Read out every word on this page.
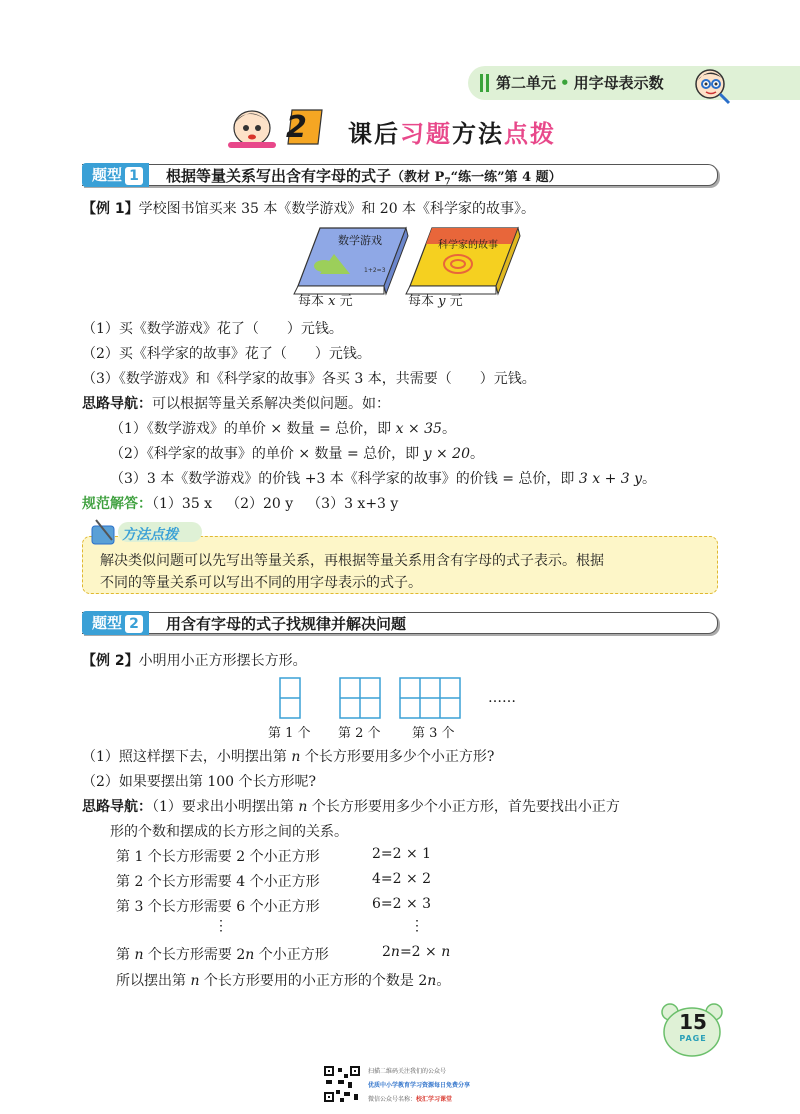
第二单元 • 用字母表示数
2 课后习题方法点拨
题型 1	根据等量关系写出含有字母的式子（教材 $P_7“$练一练”第 4 题）
【例 1】学校图书馆买来 35 本《数学游戏》和 20 本《科学家的故事》。
1+2=3
数学游戏	科学家的故事
每本 x 元	每本 y 元
（1）买《数学游戏》花了（　　）元钱。
（2）买《科学家的故事》花了（　　）元钱。
（3）《数学游戏》和《科学家的故事》各买 3 本，共需要（　　）元钱。
思路导航：可以根据等量关系解决类似问题。如：
（1）《数学游戏》的单价 × 数量 = 总价，即 x × 35。
（2）《科学家的故事》的单价 × 数量 = 总价，即 y × 20。
（3）3 本《数学游戏》的价钱 +3 本《科学家的故事》的价钱 = 总价，即 3 x + 3 y。
规范解答：（1）35 x （2）20 y （3）3 x+3 y
方法点拨
解决类似问题可以先写出等量关系，再根据等量关系用含有字母的式子表示。根据
不同的等量关系可以写出不同的用字母表示的式子。
题型 2	用含有字母的式子找规律并解决问题
【例 2】小明用小正方形摆长方形。
……
第 1 个 第 2 个 第 3 个
（1）照这样摆下去，小明摆出第 n 个长方形要用多少个小正方形?
（2）如果要摆出第 100 个长方形呢?
思路导航：（1）要求出小明摆出第 n 个长方形要用多少个小正方形，首先要找出小正方
形的个数和摆成的长方形之间的关系。
第 1 个长方形需要 2 个小正方形	2=2 × 1
第 2 个长方形需要 4 个小正方形	4=2 × 2
第 3 个长方形需要 6 个小正方形	6=2 × 3
⋮	⋮
第 n 个长方形需要 2n 个小正方形	2n=2 × n
所以摆出第 n 个长方形要用的小正方形的个数是 2n。
15
PAGE
扫描二维码关注我们的公众号
优质中小学教育学习资源每日免费分享
微信公众号名称：校汇学习课堂
